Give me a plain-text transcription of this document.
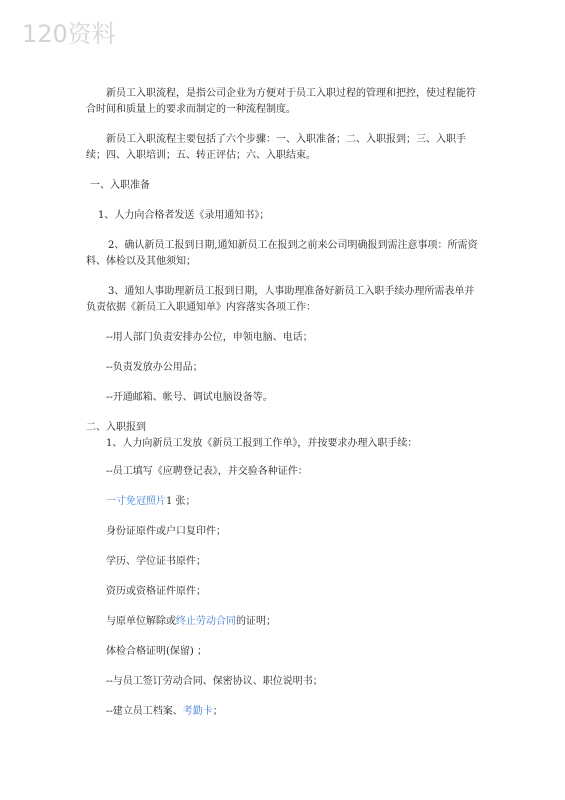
120资料

新员工入职流程，是指公司企业为方便对于员工入职过程的管理和把控，使过程能符合时间和质量上的要求而制定的一种流程制度。

新员工入职流程主要包括了六个步骤：一、入职准备；二、入职报到；三、入职手续；四、入职培训；五、转正评估；六、入职结束。

一、入职准备

1、人力向合格者发送《录用通知书》；

2、确认新员工报到日期,通知新员工在报到之前来公司明确报到需注意事项：所需资料、体检以及其他须知；

3、通知人事助理新员工报到日期，人事助理准备好新员工入职手续办理所需表单并负责依据《新员工入职通知单》内容落实各项工作：

--用人部门负责安排办公位，申领电脑、电话；

--负责发放办公用品；

--开通邮箱、帐号、调试电脑设备等。

二、入职报到

1、人力向新员工发放《新员工报到工作单》，并按要求办理入职手续：

--员工填写《应聘登记表》，并交验各种证件：

一寸免冠照片1 张；

身份证原件或户口复印件；

学历、学位证书原件；

资历或资格证件原件；

与原单位解除或终止劳动合同的证明；

体检合格证明(保留) ；

--与员工签订劳动合同、保密协议、职位说明书；

--建立员工档案、考勤卡；
